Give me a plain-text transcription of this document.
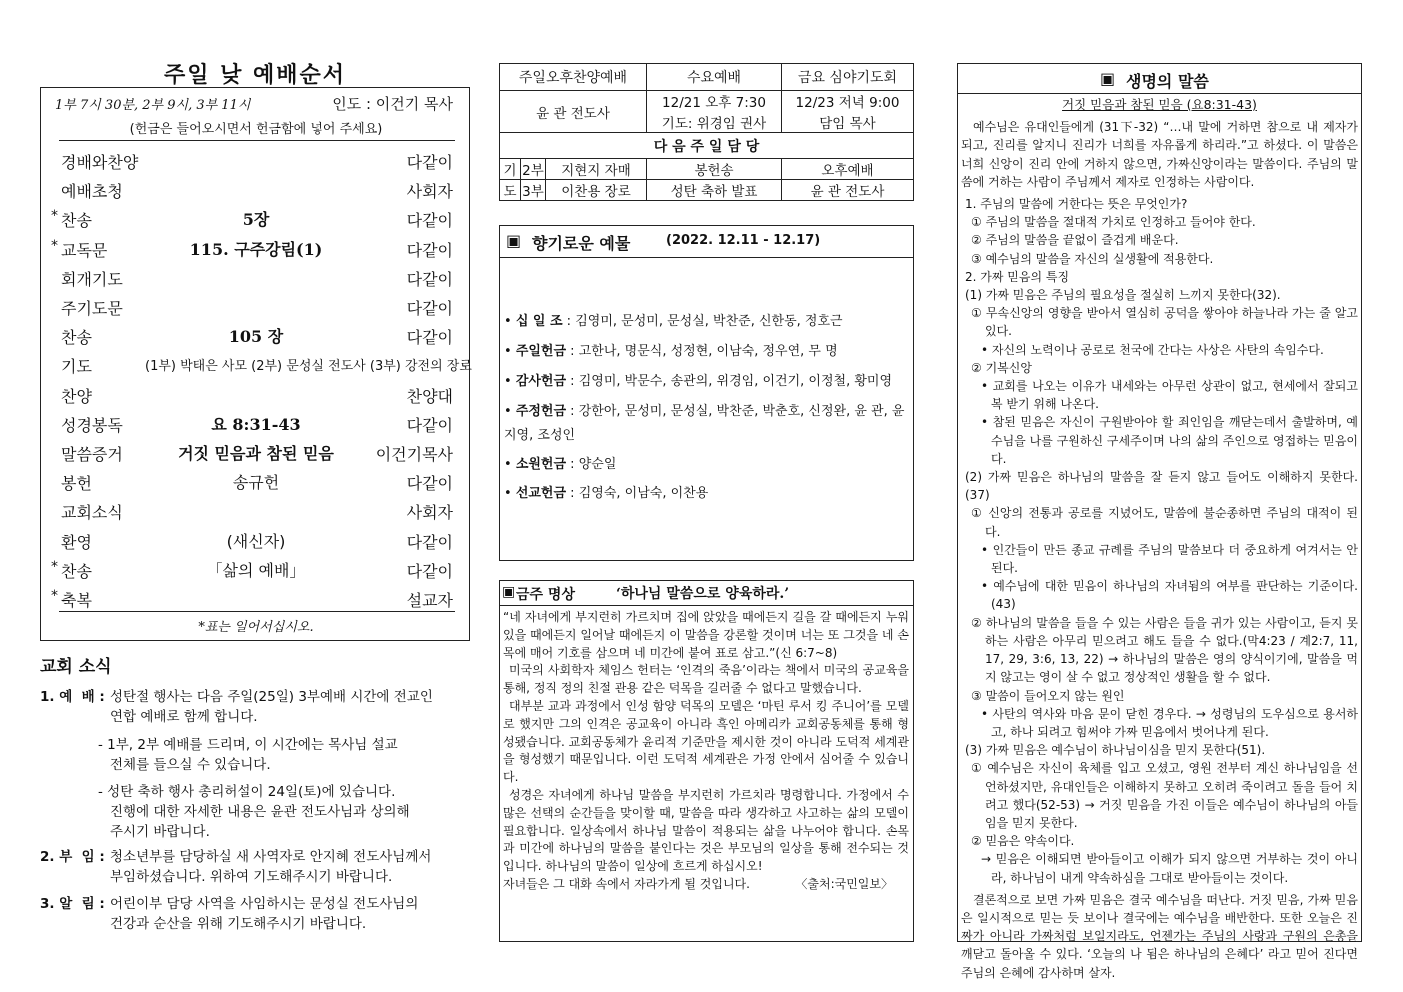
주일 낮 예배순서
1부 7시 30분, 2부 9시, 3부 11시	인도 : 이건기 목사
(헌금은 들어오시면서 헌금함에 넣어 주세요)
경배와찬양	다같이
예배초청	사회자
* 찬송	5장	다같이
* 교독문	115. 구주강림(1)	다같이
회개기도	다같이
주기도문	다같이
찬송	105 장	다같이
기도	(1부) 박태은 사모 (2부) 문성실 전도사 (3부) 강전의 장로
찬양	찬양대
성경봉독	요 8:31-43	다같이
말씀증거	거짓 믿음과 참된 믿음	이건기목사
봉헌	송규헌	다같이
교회소식	사회자
환영	(새신자)	다같이
* 찬송	「삶의 예배」	다같이
* 축복	설교자
*표는 일어서십시오.
교회 소식
1. 예  배 : 성탄절 행사는 다음 주일(25일) 3부예배 시간에 전교인
연합 예배로 함께 합니다.
- 1부, 2부 예배를 드리며, 이 시간에는 목사님 설교
전체를 들으실 수 있습니다.
- 성탄 축하 행사 총리허설이 24일(토)에 있습니다.
진행에 대한 자세한 내용은 윤관 전도사님과 상의해
주시기 바랍니다.
2. 부  임 : 청소년부를 담당하실 새 사역자로 안지혜 전도사님께서
부임하셨습니다. 위하여 기도해주시기 바랍니다.
3. 알  림 : 어린이부 담당 사역을 사임하시는 문성실 전도사님의
건강과 순산을 위해 기도해주시기 바랍니다.
주일오후찬양예배			수요예배	금요 심야기도회
윤 관 전도사			12/21 오후 7:30	12/23 저녁 9:00
			기도: 위경임 권사	담임 목사
다 음 주 일 담 당				
기	2부	지현지 자매	봉헌송	오후예배
도	3부	이찬용 장로	성탄 축하 발표	윤 관 전도사
▣ 향기로운 예물	(2022. 12.11 - 12.17)
• 십 일 조 : 김영미, 문성미, 문성실, 박찬준, 신한동, 정호근
• 주일헌금 : 고한나, 명문식, 성정현, 이남숙, 정우연, 무 명
• 감사헌금 : 김영미, 박문수, 송관의, 위경임, 이건기, 이정철, 황미영
• 주정헌금 : 강한아, 문성미, 문성실, 박찬준, 박춘호, 신정완, 윤 관, 윤지영, 조성인
• 소원헌금 : 양순일
• 선교헌금 : 김영숙, 이남숙, 이찬용
▣ 금주 명상	‘하나님 말씀으로 양육하라.’

“네 자녀에게 부지런히 가르치며 집에 앉았을 때에든지 길을 갈 때에든지 누워 있을 때에든지 일어날 때에든지 이 말씀을 강론할 것이며 너는 또 그것을 네 손목에 매어 기호를 삼으며 네 미간에 붙여 표로 삼고.”(신 6:7~8)

미국의 사회학자 체임스 헌터는 ‘인격의 죽음’이라는 책에서 미국의 공교육을 통해, 정직 정의 친절 관용 같은 덕목을 길러줄 수 없다고 말했습니다.

대부분 교과 과정에서 인성 함양 덕목의 모델은 ‘마틴 루서 킹 주니어’를 모델로 했지만 그의 인격은 공교육이 아니라 흑인 아메리카 교회공동체를 통해 형성됐습니다. 교회공동체가 윤리적 기준만을 제시한 것이 아니라 도덕적 세계관을 형성했기 때문입니다. 이런 도덕적 세계관은 가정 안에서 심어줄 수 있습니다.

성경은 자녀에게 하나님 말씀을 부지런히 가르치라 명령합니다. 가정에서 수많은 선택의 순간들을 맞이할 때, 말씀을 따라 생각하고 사고하는 삶의 모델이 필요합니다. 일상속에서 하나님 말씀이 적용되는 삶을 나누어야 합니다. 손목과 미간에 하나님의 말씀을 붙인다는 것은 부모님의 일상을 통해 전수되는 것입니다. 하나님의 말씀이 일상에 흐르게 하십시오!

자녀들은 그 대화 속에서 자라가게 될 것입니다.	〈출처:국민일보〉

▣ 생명의 말씀

거짓 믿음과 참된 믿음 (요8:31-43)

예수님은 유대인들에게 (31下-32) “…내 말에 거하면 참으로 내 제자가 되고, 진리를 알지니 진리가 너희를 자유롭게 하리라.”고 하셨다. 이 말씀은 너희 신앙이 진리 안에 거하지 않으면, 가짜신앙이라는 말씀이다. 주님의 말씀에 거하는 사람이 주님께서 제자로 인정하는 사람이다.

1. 주님의 말씀에 거한다는 뜻은 무엇인가?

① 주님의 말씀을 절대적 가치로 인정하고 들어야 한다.

② 주님의 말씀을 끝없이 즐겁게 배운다.

③ 예수님의 말씀을 자신의 실생활에 적용한다.

2. 가짜 믿음의 특징

(1) 가짜 믿음은 주님의 필요성을 절실히 느끼지 못한다(32).

① 무속신앙의 영향을 받아서 열심히 공덕을 쌓아야 하늘나라 가는 줄 알고 있다.

• 자신의 노력이나 공로로 천국에 간다는 사상은 사탄의 속임수다.

② 기복신앙

• 교회를 나오는 이유가 내세와는 아무런 상관이 없고, 현세에서 잘되고 복 받기 위해 나온다.

• 참된 믿음은 자신이 구원받아야 할 죄인임을 깨닫는데서 출발하며, 예수님을 나를 구원하신 구세주이며 나의 삶의 주인으로 영접하는 믿음이다.

(2) 가짜 믿음은 하나님의 말씀을 잘 듣지 않고 들어도 이해하지 못한다.(37)

① 신앙의 전통과 공로를 지녔어도, 말씀에 불순종하면 주님의 대적이 된다.

• 인간들이 만든 종교 규례를 주님의 말씀보다 더 중요하게 여겨서는 안 된다.

• 예수님에 대한 믿음이 하나님의 자녀됨의 여부를 판단하는 기준이다.(43)

② 하나님의 말씀을 들을 수 있는 사람은 들을 귀가 있는 사람이고, 듣지 못하는 사람은 아무리 믿으려고 해도 들을 수 없다.(막4:23 / 계2:7, 11, 17, 29, 3:6, 13, 22) → 하나님의 말씀은 영의 양식이기에, 말씀을 먹지 않고는 영이 살 수 없고 정상적인 생활을 할 수 없다.

③ 말씀이 들어오지 않는 원인

• 사탄의 역사와 마음 문이 닫힌 경우다. → 성령님의 도우심으로 용서하고, 하나 되려고 힘써야 가짜 믿음에서 벗어나게 된다.

(3) 가짜 믿음은 예수님이 하나님이심을 믿지 못한다(51).

① 예수님은 자신이 육체를 입고 오셨고, 영원 전부터 계신 하나님임을 선언하셨지만, 유대인들은 이해하지 못하고 오히려 죽이려고 돌을 들어 치려고 했다(52-53) → 거짓 믿음을 가진 이들은 예수님이 하나님의 아들임을 믿지 못한다.

② 믿음은 약속이다.

→ 믿음은 이해되면 받아들이고 이해가 되지 않으면 거부하는 것이 아니라, 하나님이 내게 약속하심을 그대로 받아들이는 것이다.

결론적으로 보면 가짜 믿음은 결국 예수님을 떠난다. 거짓 믿음, 가짜 믿음은 일시적으로 믿는 듯 보이나 결국에는 예수님을 배반한다. 또한 오늘은 진짜가 아니라 가짜처럼 보일지라도, 언젠가는 주님의 사랑과 구원의 은총을 깨닫고 돌아올 수 있다. ‘오늘의 나 됨은 하나님의 은혜다’ 라고 믿어 진다면 주님의 은혜에 감사하며 살자.
